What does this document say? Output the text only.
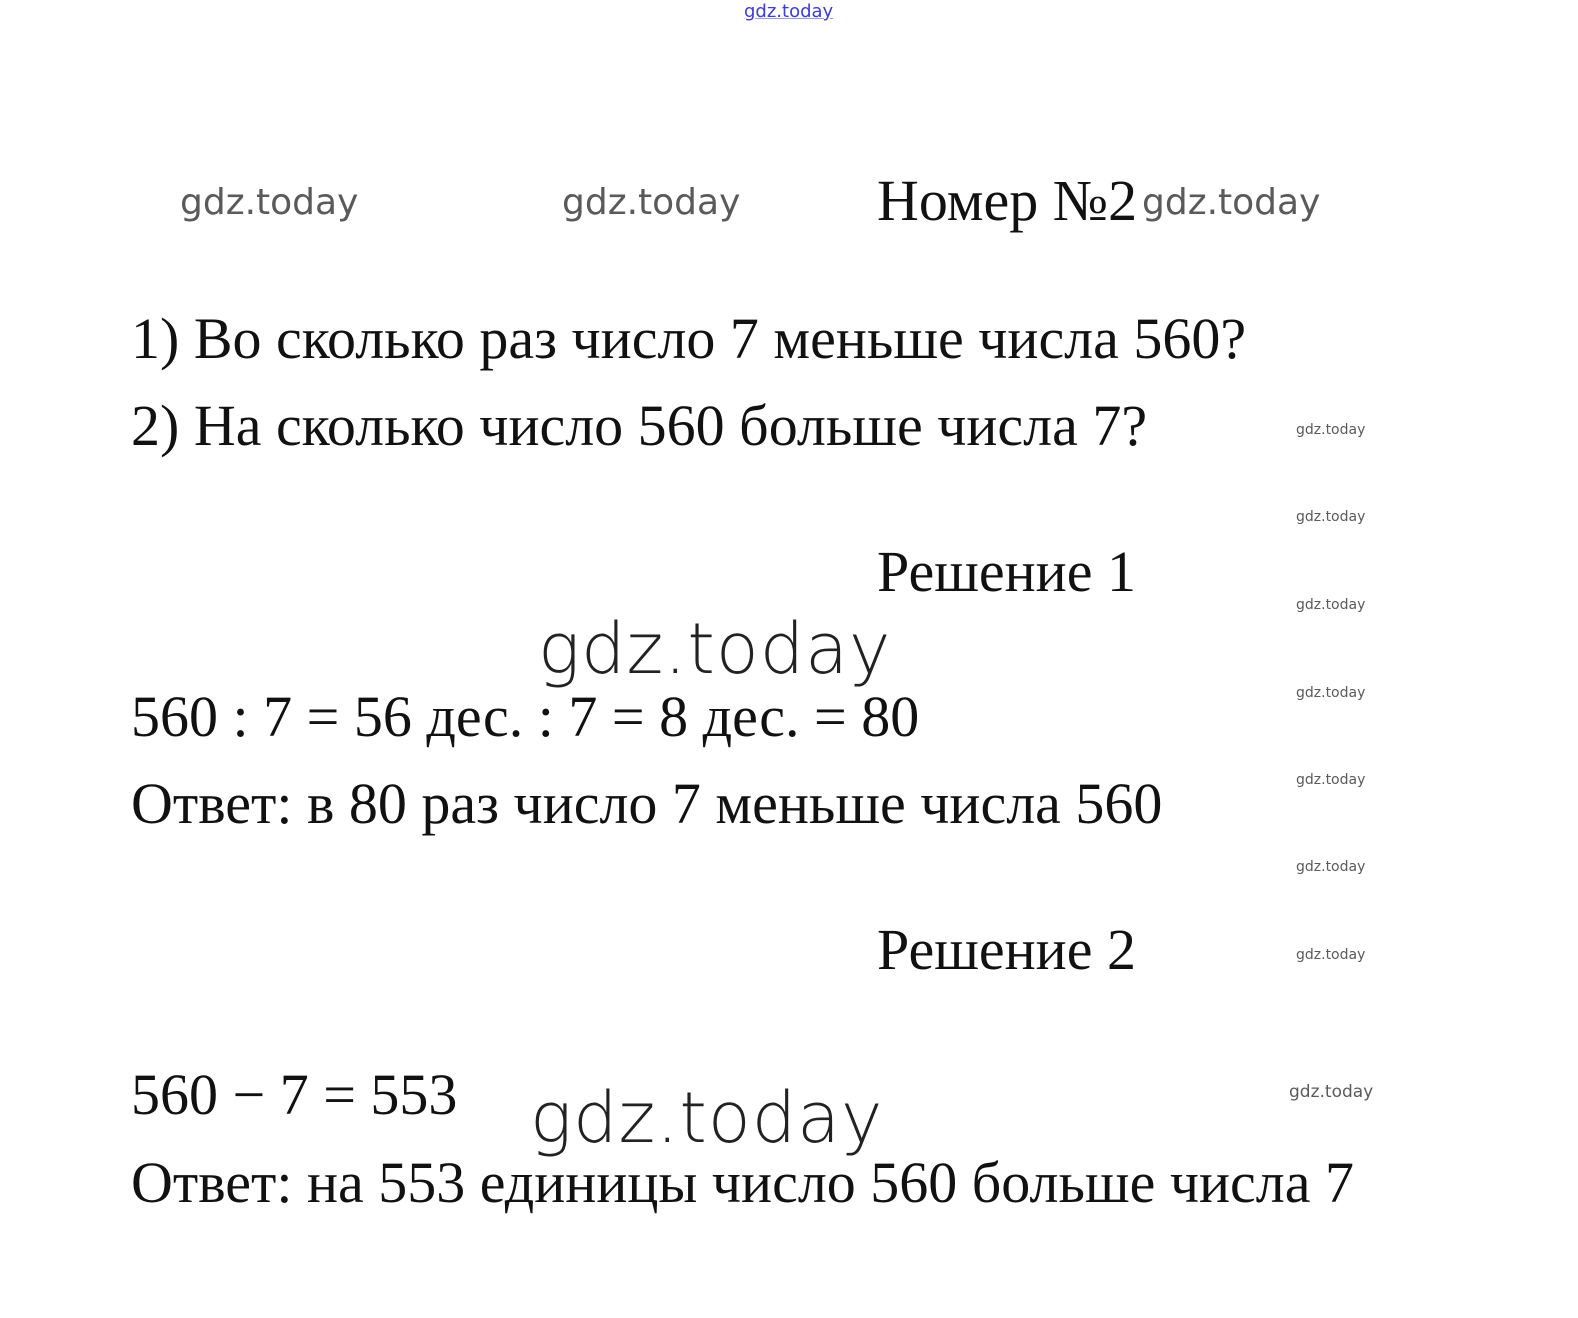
gdz.today
gdz.today	gdz.today Номер №2 gdz.today
1) Во сколько раз число 7 меньше числа 560?
2) На сколько число 560 больше числа 7?	gdz.today
gdz.today
gdz.today
gdz.today
gdz.today
gdz.today
gdz.today
gdz.today
Решение 1
gdz.today
560 : 7 = 56 дес. : 7 = 8 дес. = 80
Ответ: в 80 раз число 7 меньше числа 560
Решение 2
560 − 7 = 553 gdz.today
Ответ: на 553 единицы число 560 больше числа 7
